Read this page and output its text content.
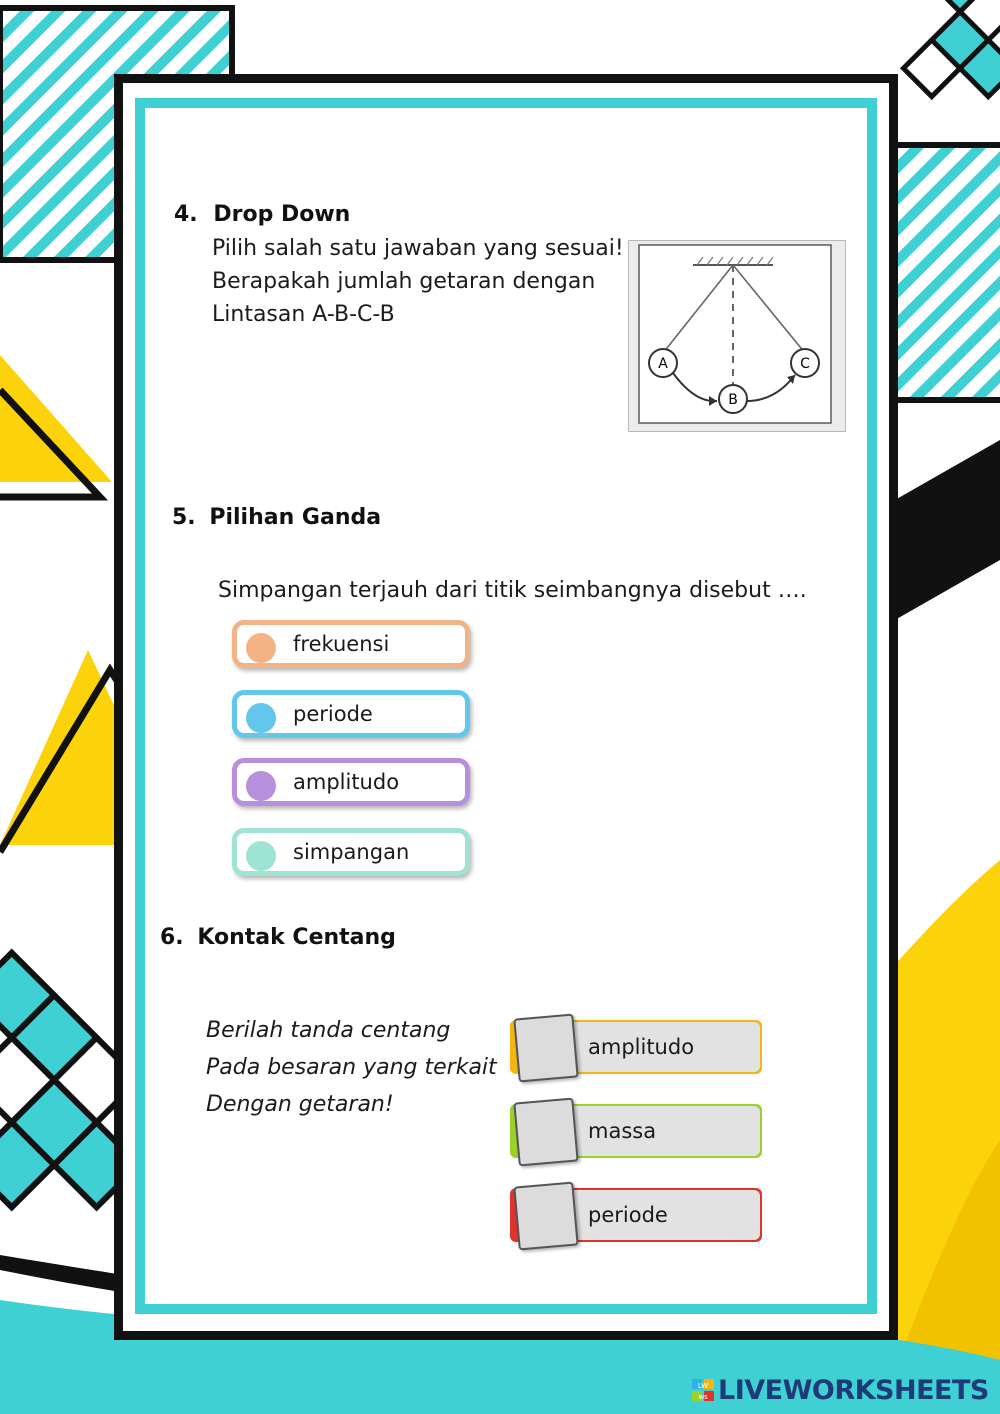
4. Drop Down
Pilih salah satu jawaban yang sesuai!
Berapakah jumlah getaran dengan
Lintasan A-B-C-B
A
B
C
5. Pilihan Ganda
Simpangan terjauh dari titik seimbangnya disebut ….
frekuensi
periode
amplitudo
simpangan
6. Kontak Centang
Berilah tanda centang
Pada besaran yang terkait
Dengan getaran!
amplitudo
massa
periode
LW
ws LIVEWORKSHEETS
